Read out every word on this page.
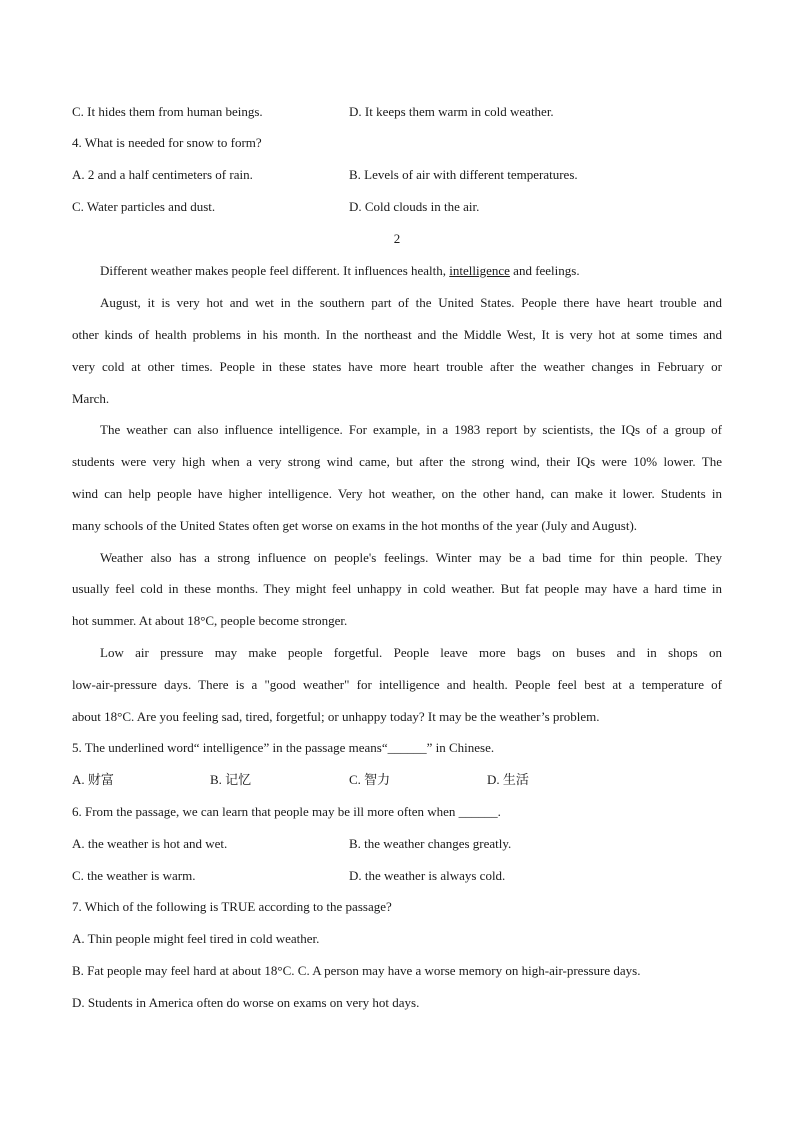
C. It hides them from human beings.	D. It keeps them warm in cold weather.
4. What is needed for snow to form?
A. 2 and a half centimeters of rain.	B. Levels of air with different temperatures.
C. Water particles and dust.	D. Cold clouds in the air.
2
Different weather makes people feel different. It influences health, intelligence and feelings.
August, it is very hot and wet in the southern part of the United States. People there have heart trouble and
other kinds of health problems in his month. In the northeast and the Middle West, It is very hot at some times and
very cold at other times. People in these states have more heart trouble after the weather changes in February or
March.
The weather can also influence intelligence. For example, in a 1983 report by scientists, the IQs of a group of
students were very high when a very strong wind came, but after the strong wind, their IQs were 10% lower. The
wind can help people have higher intelligence. Very hot weather, on the other hand, can make it lower. Students in
many schools of the United States often get worse on exams in the hot months of the year (July and August).
Weather also has a strong influence on people's feelings. Winter may be a bad time for thin people. They
usually feel cold in these months. They might feel unhappy in cold weather. But fat people may have a hard time in
hot summer. At about 18°C, people become stronger.
Low air pressure may make people forgetful. People leave more bags on buses and in shops on
low-air-pressure days. There is a "good weather" for intelligence and health. People feel best at a temperature of
about 18°C. Are you feeling sad, tired, forgetful; or unhappy today? It may be the weather’s problem.
5. The underlined word“ intelligence” in the passage means“______” in Chinese.
A. 财富	B. 记忆	C. 智力	D. 生活
6. From the passage, we can learn that people may be ill more often when ______.
A. the weather is hot and wet.	B. the weather changes greatly.
C. the weather is warm.	D. the weather is always cold.
7. Which of the following is TRUE according to the passage?
A. Thin people might feel tired in cold weather.
B. Fat people may feel hard at about 18°C. C. A person may have a worse memory on high-air-pressure days.
D. Students in America often do worse on exams on very hot days.
